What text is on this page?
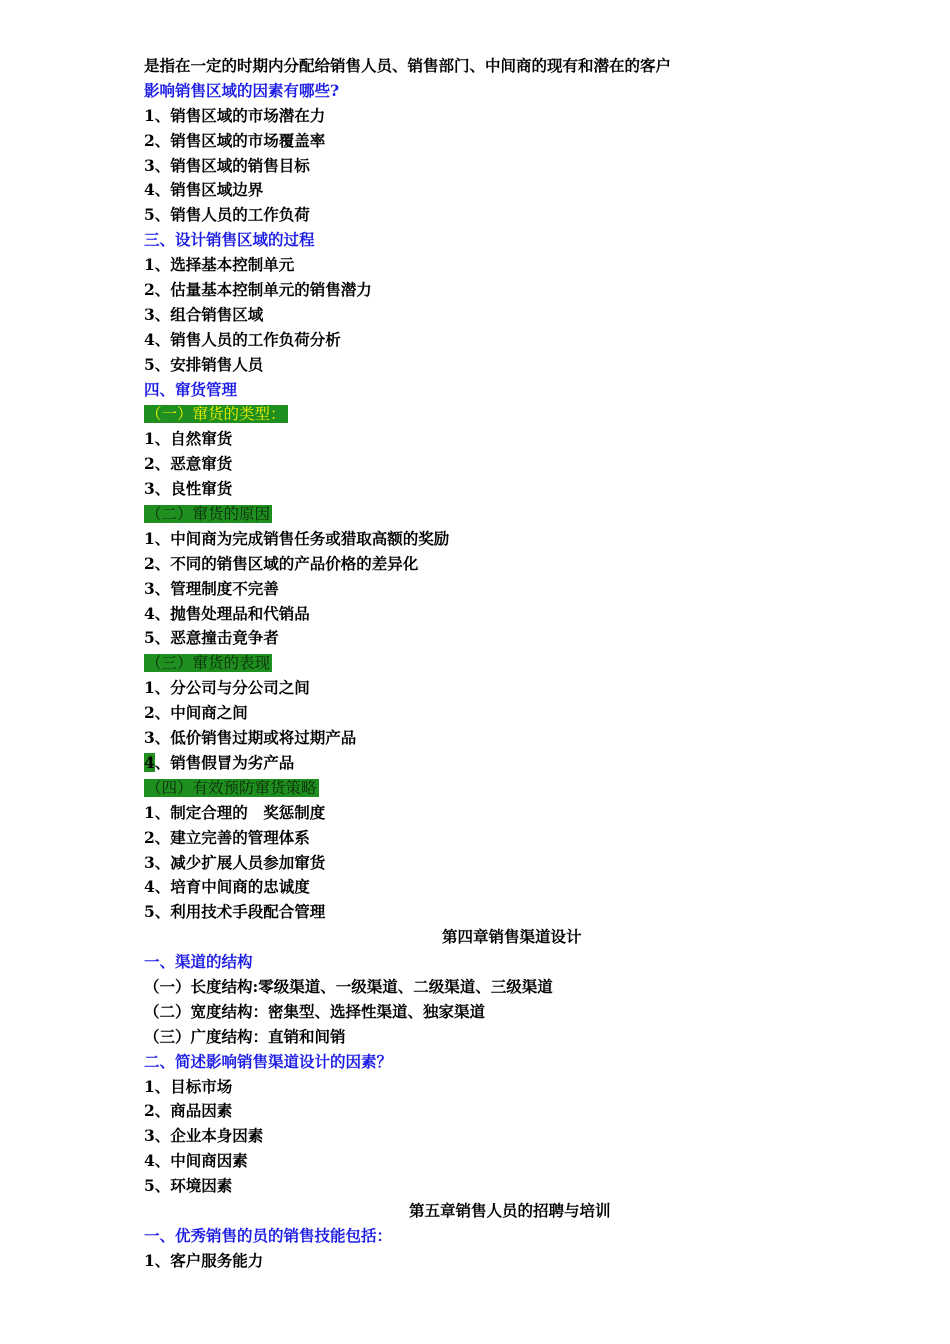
是指在一定的时期内分配给销售人员、销售部门、中间商的现有和潜在的客户
影响销售区域的因素有哪些?
1、销售区域的市场潜在力
2、销售区域的市场覆盖率
3、销售区域的销售目标
4、销售区域边界
5、销售人员的工作负荷
三、设计销售区域的过程
1、选择基本控制单元
2、估量基本控制单元的销售潜力
3、组合销售区域
4、销售人员的工作负荷分析
5、安排销售人员
四、窜货管理
（一）窜货的类型：
1、自然窜货
2、恶意窜货
3、良性窜货
（二）窜货的原因
1、中间商为完成销售任务或猎取高额的奖励
2、不同的销售区域的产品价格的差异化
3、管理制度不完善
4、抛售处理品和代销品
5、恶意撞击竟争者
（三）窜货的表现
1、分公司与分公司之间
2、中间商之间
3、低价销售过期或将过期产品
4、销售假冒为劣产品
（四）有效预防窜货策略
1、制定合理的　奖惩制度
2、建立完善的管理体系
3、减少扩展人员参加窜货
4、培育中间商的忠诚度
5、利用技术手段配合管理
第四章销售渠道设计
一、渠道的结构
（一）长度结构:零级渠道、一级渠道、二级渠道、三级渠道
（二）宽度结构：密集型、选择性渠道、独家渠道
（三）广度结构：直销和间销
二、简述影响销售渠道设计的因素？
1、目标市场
2、商品因素
3、企业本身因素
4、中间商因素
5、环境因素
第五章销售人员的招聘与培训
一、优秀销售的员的销售技能包括：
1、客户服务能力
